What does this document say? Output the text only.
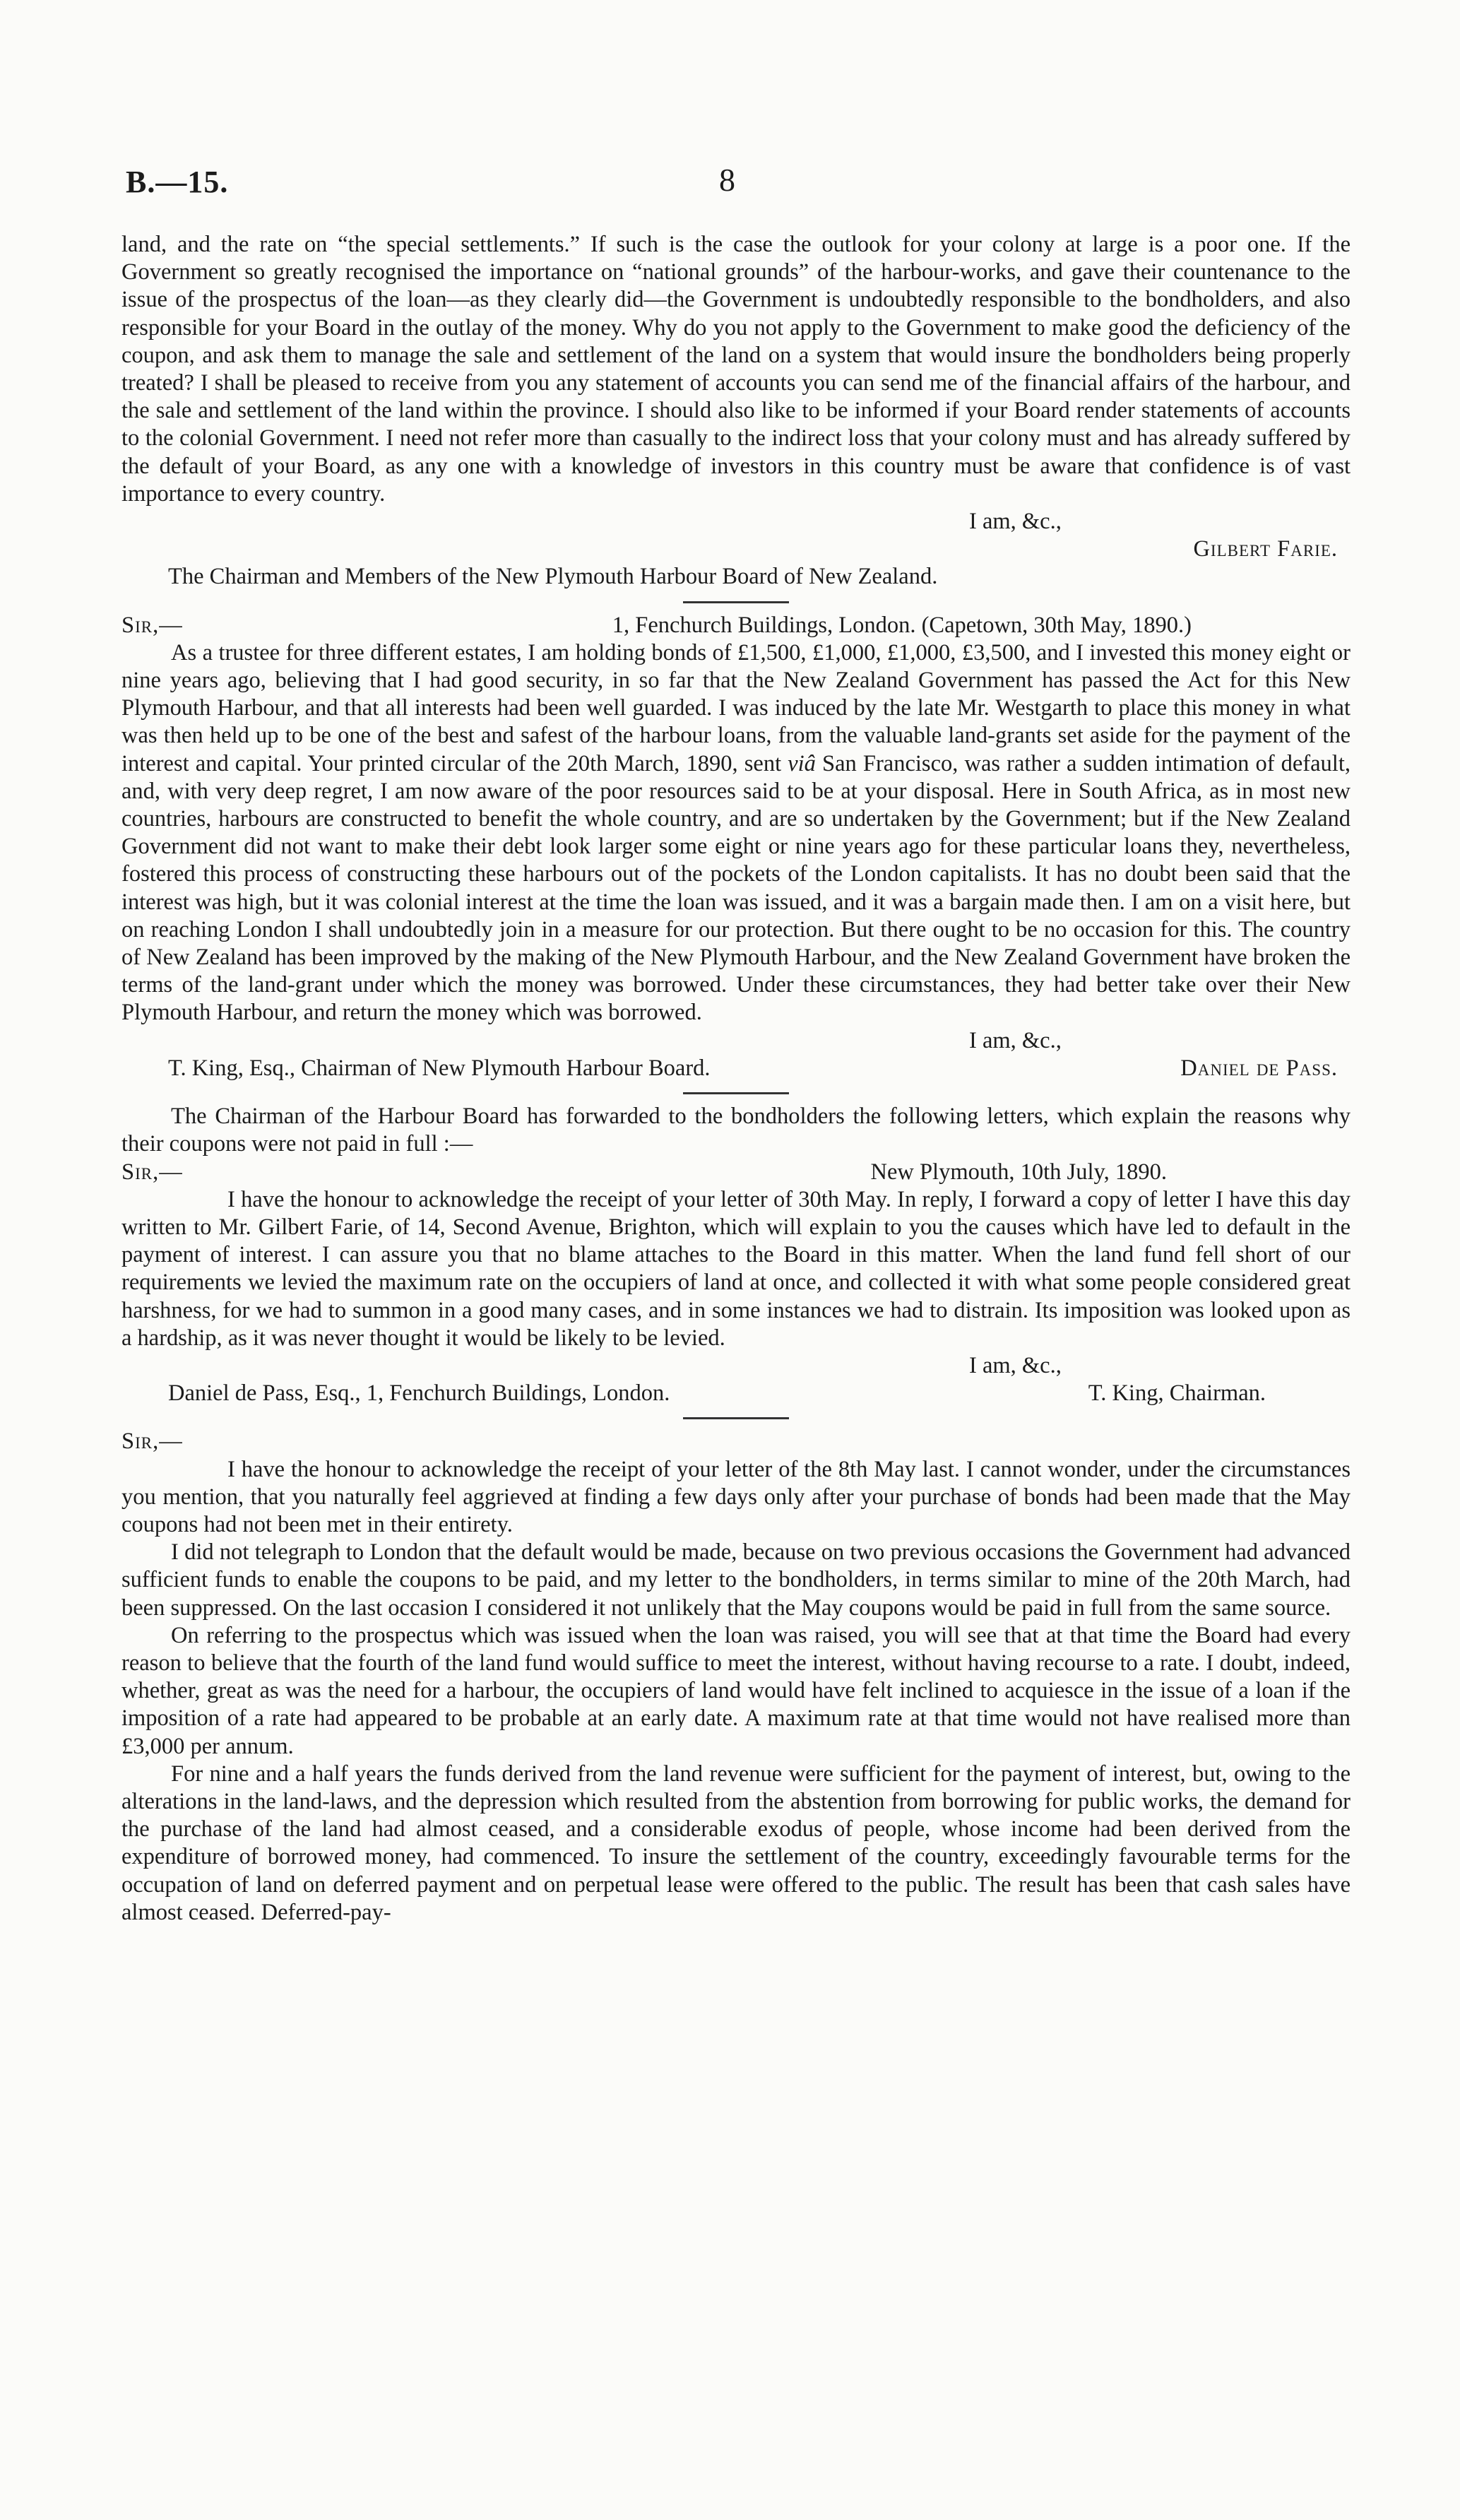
B.—15.	8

land, and the rate on “the special settlements.” If such is the case the outlook for your colony at large is a poor one. If the Government so greatly recognised the importance on “national grounds” of the harbour-works, and gave their countenance to the issue of the prospectus of the loan—as they clearly did—the Government is undoubtedly responsible to the bondholders, and also responsible for your Board in the outlay of the money. Why do you not apply to the Government to make good the deficiency of the coupon, and ask them to manage the sale and settlement of the land on a system that would insure the bondholders being properly treated? I shall be pleased to receive from you any statement of accounts you can send me of the financial affairs of the harbour, and the sale and settlement of the land within the province. I should also like to be informed if your Board render statements of accounts to the colonial Government. I need not refer more than casually to the indirect loss that your colony must and has already suffered by the default of your Board, as any one with a knowledge of investors in this country must be aware that confidence is of vast importance to every country.

I am, &c.,

Gilbert Farie.

The Chairman and Members of the New Plymouth Harbour Board of New Zealand.

Sir,—	1, Fenchurch Buildings, London. (Capetown, 30th May, 1890.)

As a trustee for three different estates, I am holding bonds of £1,500, £1,000, £1,000, £3,500, and I invested this money eight or nine years ago, believing that I had good security, in so far that the New Zealand Government has passed the Act for this New Plymouth Harbour, and that all interests had been well guarded. I was induced by the late Mr. Westgarth to place this money in what was then held up to be one of the best and safest of the harbour loans, from the valuable land-grants set aside for the payment of the interest and capital. Your printed circular of the 20th March, 1890, sent viâ San Francisco, was rather a sudden intimation of default, and, with very deep regret, I am now aware of the poor resources said to be at your disposal. Here in South Africa, as in most new countries, harbours are constructed to benefit the whole country, and are so undertaken by the Government; but if the New Zealand Government did not want to make their debt look larger some eight or nine years ago for these particular loans they, nevertheless, fostered this process of constructing these harbours out of the pockets of the London capitalists. It has no doubt been said that the interest was high, but it was colonial interest at the time the loan was issued, and it was a bargain made then. I am on a visit here, but on reaching London I shall undoubtedly join in a measure for our protection. But there ought to be no occasion for this. The country of New Zealand has been improved by the making of the New Plymouth Harbour, and the New Zealand Government have broken the terms of the land-grant under which the money was borrowed. Under these circumstances, they had better take over their New Plymouth Harbour, and return the money which was borrowed.

I am, &c.,

T. King, Esq., Chairman of New Plymouth Harbour Board.	Daniel de Pass.

The Chairman of the Harbour Board has forwarded to the bondholders the following letters, which explain the reasons why their coupons were not paid in full :—

Sir,—	New Plymouth, 10th July, 1890.

I have the honour to acknowledge the receipt of your letter of 30th May. In reply, I forward a copy of letter I have this day written to Mr. Gilbert Farie, of 14, Second Avenue, Brighton, which will explain to you the causes which have led to default in the payment of interest. I can assure you that no blame attaches to the Board in this matter. When the land fund fell short of our requirements we levied the maximum rate on the occupiers of land at once, and collected it with what some people considered great harshness, for we had to summon in a good many cases, and in some instances we had to distrain. Its imposition was looked upon as a hardship, as it was never thought it would be likely to be levied.

I am, &c.,

Daniel de Pass, Esq., 1, Fenchurch Buildings, London.	T. King, Chairman.

Sir,—

I have the honour to acknowledge the receipt of your letter of the 8th May last. I cannot wonder, under the circumstances you mention, that you naturally feel aggrieved at finding a few days only after your purchase of bonds had been made that the May coupons had not been met in their entirety.

I did not telegraph to London that the default would be made, because on two previous occasions the Government had advanced sufficient funds to enable the coupons to be paid, and my letter to the bondholders, in terms similar to mine of the 20th March, had been suppressed. On the last occasion I considered it not unlikely that the May coupons would be paid in full from the same source.

On referring to the prospectus which was issued when the loan was raised, you will see that at that time the Board had every reason to believe that the fourth of the land fund would suffice to meet the interest, without having recourse to a rate. I doubt, indeed, whether, great as was the need for a harbour, the occupiers of land would have felt inclined to acquiesce in the issue of a loan if the imposition of a rate had appeared to be probable at an early date. A maximum rate at that time would not have realised more than £3,000 per annum.

For nine and a half years the funds derived from the land revenue were sufficient for the payment of interest, but, owing to the alterations in the land-laws, and the depression which resulted from the abstention from borrowing for public works, the demand for the purchase of the land had almost ceased, and a considerable exodus of people, whose income had been derived from the expenditure of borrowed money, had commenced. To insure the settlement of the country, exceedingly favourable terms for the occupation of land on deferred payment and on perpetual lease were offered to the public. The result has been that cash sales have almost ceased. Deferred-pay-
